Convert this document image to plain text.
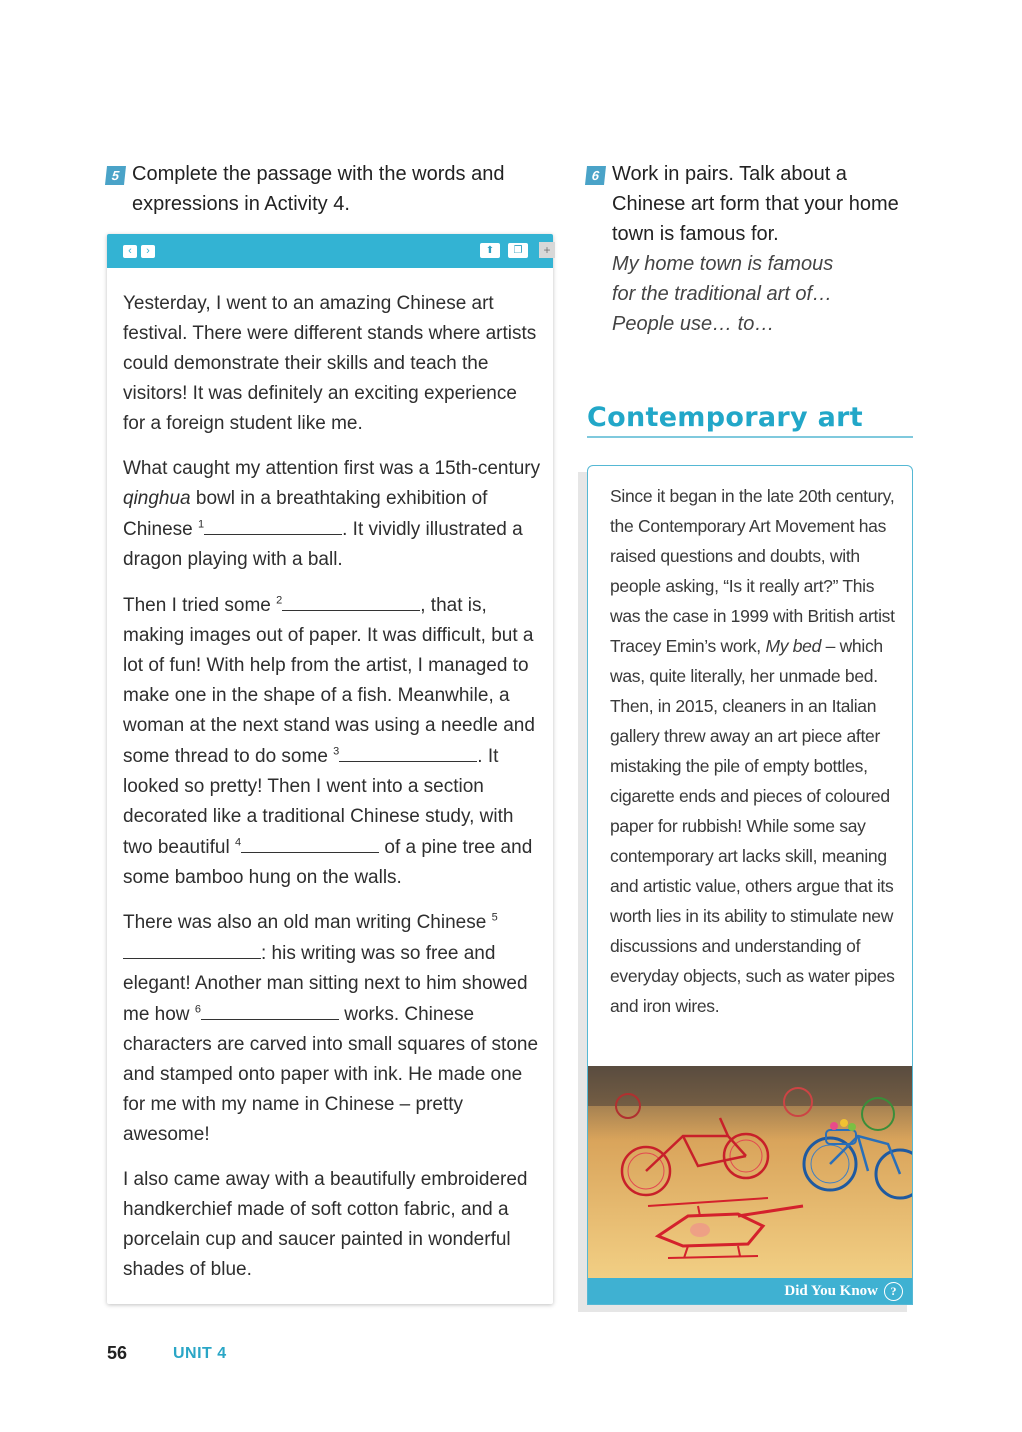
5 Complete the passage with the words and
expressions in Activity 4.
6 Work in pairs. Talk about a
Chinese art form that your home
town is famous for.
My home town is famous
for the traditional art of…
People use… to…
‹	›	⬆	❐	+

Yesterday, I went to an amazing Chinese art festival. There were different stands where artists could demonstrate their skills and teach the visitors! It was definitely an exciting experience for a foreign student like me.

What caught my attention first was a 15th-century qinghua bowl in a breathtaking exhibition of Chinese $^1$	. It vividly illustrated a dragon playing with a ball.

Then I tried some $^2$	, that is, making images out of paper. It was difficult, but a lot of fun! With help from the artist, I managed to make one in the shape of a fish. Meanwhile, a woman at the next stand was using a needle and some thread to do some $^3$	. It looked so pretty! Then I went into a section decorated like a traditional Chinese study, with two beautiful $^4$	of a pine tree and some bamboo hung on the walls.

There was also an old man writing Chinese $^5$: his writing was so free and elegant! Another man sitting next to him showed me how $^6$	works. Chinese characters are carved into small squares of stone and stamped onto paper with ink. He made one for me with my name in Chinese – pretty awesome!

I also came away with a beautifully embroidered handkerchief made of soft cotton fabric, and a porcelain cup and saucer painted in wonderful shades of blue.

Contemporary art
Since it began in the late 20th century, the Contemporary Art Movement has raised questions and doubts, with people asking, “Is it really art?” This was the case in 1999 with British artist Tracey Emin’s work, My bed – which was, quite literally, her unmade bed. Then, in 2015, cleaners in an Italian gallery threw away an art piece after mistaking the pile of empty bottles, cigarette ends and pieces of coloured paper for rubbish! While some say contemporary art lacks skill, meaning and artistic value, others argue that its worth lies in its ability to stimulate new discussions and understanding of everyday objects, such as water pipes and iron wires.
Did You Know ?
56	UNIT 4
